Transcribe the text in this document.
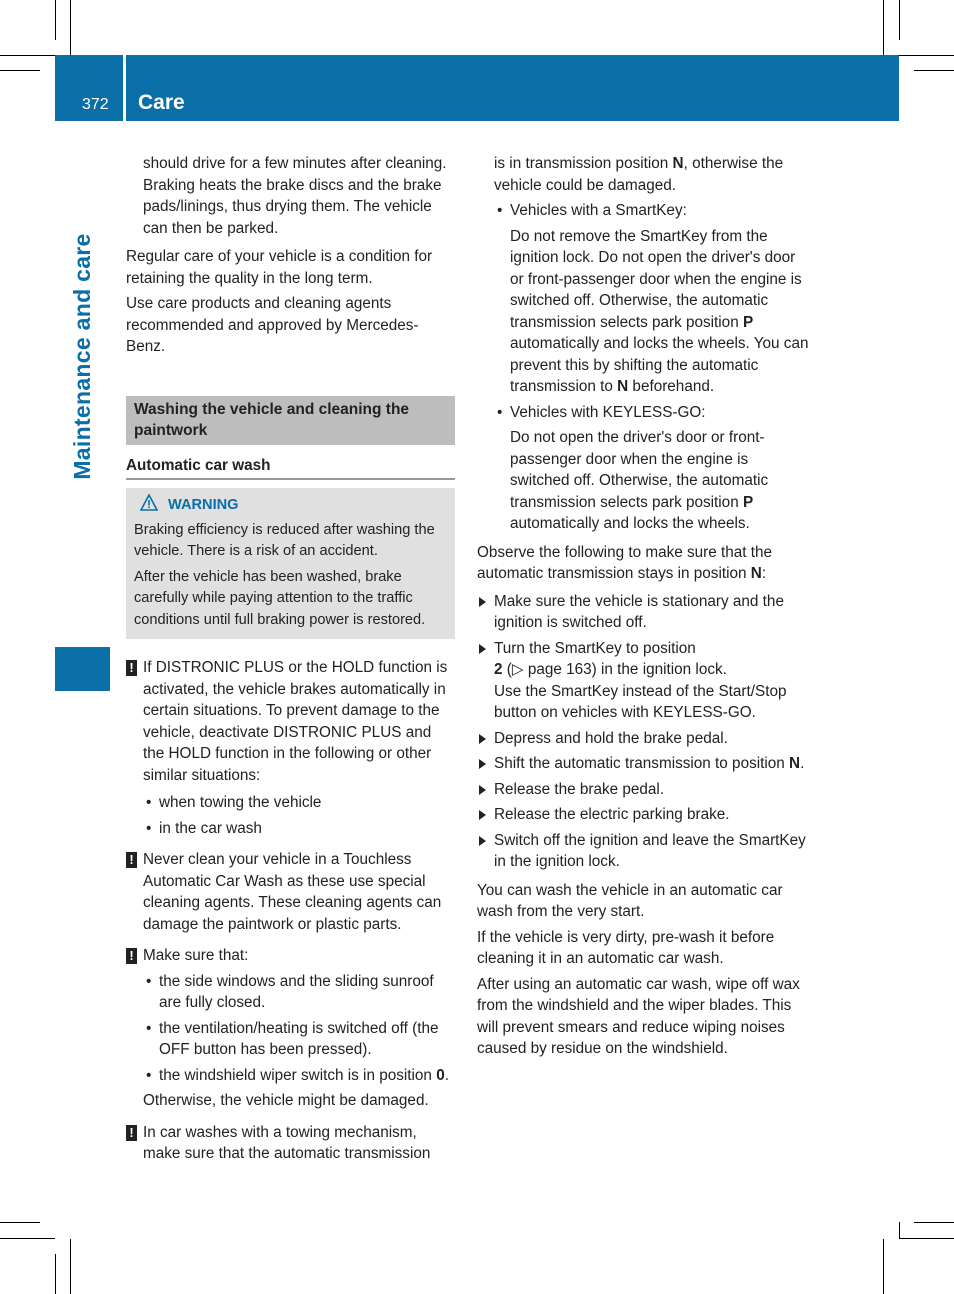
372 Care
Maintenance and care

should drive for a few minutes after cleaning. Braking heats the brake discs and the brake pads/linings, thus drying them. The vehicle can then be parked.

Regular care of your vehicle is a condition for retaining the quality in the long term.

Use care products and cleaning agents recommended and approved by Mercedes-Benz.

Washing the vehicle and cleaning the paintwork

Automatic car wash

WARNING

Braking efficiency is reduced after washing the vehicle. There is a risk of an accident.

After the vehicle has been washed, brake carefully while paying attention to the traffic conditions until full braking power is restored.

! If DISTRONIC PLUS or the HOLD function is activated, the vehicle brakes automatically in certain situations. To prevent damage to the vehicle, deactivate DISTRONIC PLUS and the HOLD function in the following or other similar situations:

• when towing the vehicle

• in the car wash

! Never clean your vehicle in a Touchless Automatic Car Wash as these use special cleaning agents. These cleaning agents can damage the paintwork or plastic parts.

! Make sure that:

• the side windows and the sliding sunroof are fully closed.

• the ventilation/heating is switched off (the OFF button has been pressed).

• the windshield wiper switch is in position 0.

Otherwise, the vehicle might be damaged.

! In car washes with a towing mechanism, make sure that the automatic transmission

is in transmission position N, otherwise the vehicle could be damaged.

• Vehicles with a SmartKey:

Do not remove the SmartKey from the ignition lock. Do not open the driver's door or front-passenger door when the engine is switched off. Otherwise, the automatic transmission selects park position P automatically and locks the wheels. You can prevent this by shifting the automatic transmission to N beforehand.

• Vehicles with KEYLESS-GO:

Do not open the driver's door or front-passenger door when the engine is switched off. Otherwise, the automatic transmission selects park position P automatically and locks the wheels.

Observe the following to make sure that the automatic transmission stays in position N:

Make sure the vehicle is stationary and the ignition is switched off.

Turn the SmartKey to position
2 (▷ page 163) in the ignition lock.
Use the SmartKey instead of the Start/Stop button on vehicles with KEYLESS-GO.

Depress and hold the brake pedal.

Shift the automatic transmission to position N.

Release the brake pedal.

Release the electric parking brake.

Switch off the ignition and leave the SmartKey in the ignition lock.

You can wash the vehicle in an automatic car wash from the very start.

If the vehicle is very dirty, pre-wash it before cleaning it in an automatic car wash.

After using an automatic car wash, wipe off wax from the windshield and the wiper blades. This will prevent smears and reduce wiping noises caused by residue on the windshield.
